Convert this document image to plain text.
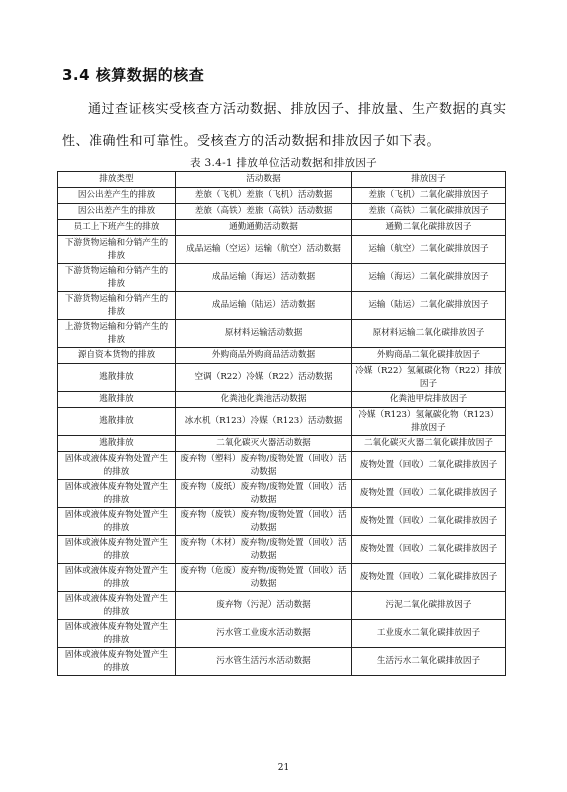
3.4 核算数据的核查
通过查证核实受核查方活动数据、排放因子、排放量、生产数据的真实性、准确性和可靠性。受核查方的活动数据和排放因子如下表。
表 3.4-1 排放单位活动数据和排放因子
排放类型	活动数据	排放因子
因公出差产生的排放	差旅（飞机）差旅（飞机）活动数据	差旅（飞机）二氧化碳排放因子
因公出差产生的排放	差旅（高铁）差旅（高铁）活动数据	差旅（高铁）二氧化碳排放因子
员工上下班产生的排放	通勤通勤活动数据	通勤二氧化碳排放因子
下游货物运输和分销产生的排放	成品运输（空运）运输（航空）活动数据	运输（航空）二氧化碳排放因子
下游货物运输和分销产生的排放	成品运输（海运）活动数据	运输（海运）二氧化碳排放因子
下游货物运输和分销产生的排放	成品运输（陆运）活动数据	运输（陆运）二氧化碳排放因子
上游货物运输和分销产生的排放	原材料运输活动数据	原材料运输二氧化碳排放因子
源自资本货物的排放	外购商品外购商品活动数据	外购商品二氧化碳排放因子
逃散排放	空调（R22）冷媒（R22）活动数据	冷媒（R22）氢氟碳化物（R22）排放因子
逃散排放	化粪池化粪池活动数据	化粪池甲烷排放因子
逃散排放	冰水机（R123）冷媒（R123）活动数据	冷媒（R123）氢氟碳化物（R123）排放因子
逃散排放	二氧化碳灭火器活动数据	二氧化碳灭火器二氧化碳排放因子
固体或液体废弃物处置产生的排放	废弃物（塑料）废弃物/废物处置（回收）活动数据	废物处置（回收）二氧化碳排放因子
固体或液体废弃物处置产生的排放	废弃物（废纸）废弃物/废物处置（回收）活动数据	废物处置（回收）二氧化碳排放因子
固体或液体废弃物处置产生的排放	废弃物（废铁）废弃物/废物处置（回收）活动数据	废物处置（回收）二氧化碳排放因子
固体或液体废弃物处置产生的排放	废弃物（木材）废弃物/废物处置（回收）活动数据	废物处置（回收）二氧化碳排放因子
固体或液体废弃物处置产生的排放	废弃物（危废）废弃物/废物处置（回收）活动数据	废物处置（回收）二氧化碳排放因子
固体或液体废弃物处置产生的排放	废弃物（污泥）活动数据	污泥二氧化碳排放因子
固体或液体废弃物处置产生的排放	污水管工业废水活动数据	工业废水二氧化碳排放因子
固体或液体废弃物处置产生的排放	污水管生活污水活动数据	生活污水二氧化碳排放因子
21
